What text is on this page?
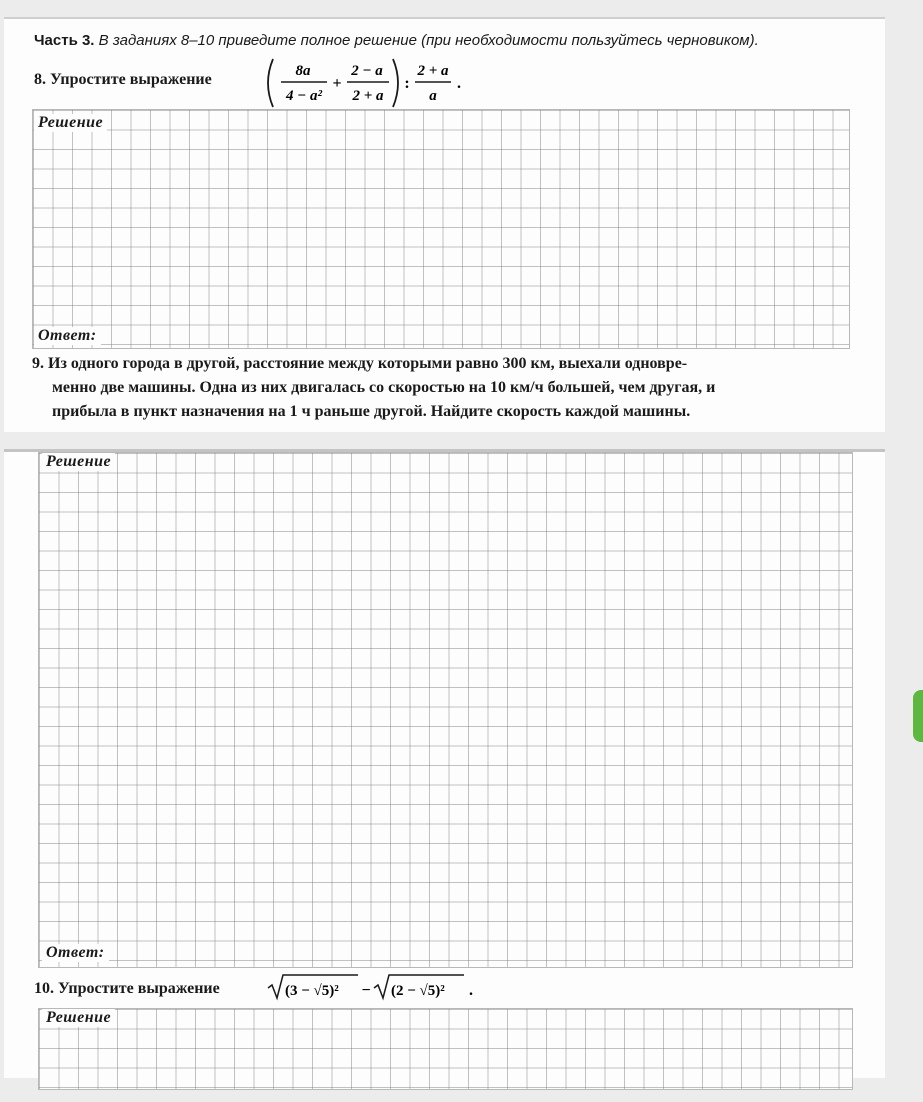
Часть 3. В заданиях 8–10 приведите полное решение (при необходимости пользуйтесь черновиком).
8. Упростите выражение	8a
4 − a²
+
2 − a
2 + a
:
2 + a
a
.
Решение
Ответ:
9. Из одного города в другой, расстояние между которыми равно 300 км, выехали одновре-
менно две машины. Одна из них двигалась со скоростью на 10 км/ч большей, чем другая, и
прибыла в пункт назначения на 1 ч раньше другой. Найдите скорость каждой машины.
Решение
Ответ:
10. Упростите выражение	(3 − √5)² − (2 − √5)² .
Решение
